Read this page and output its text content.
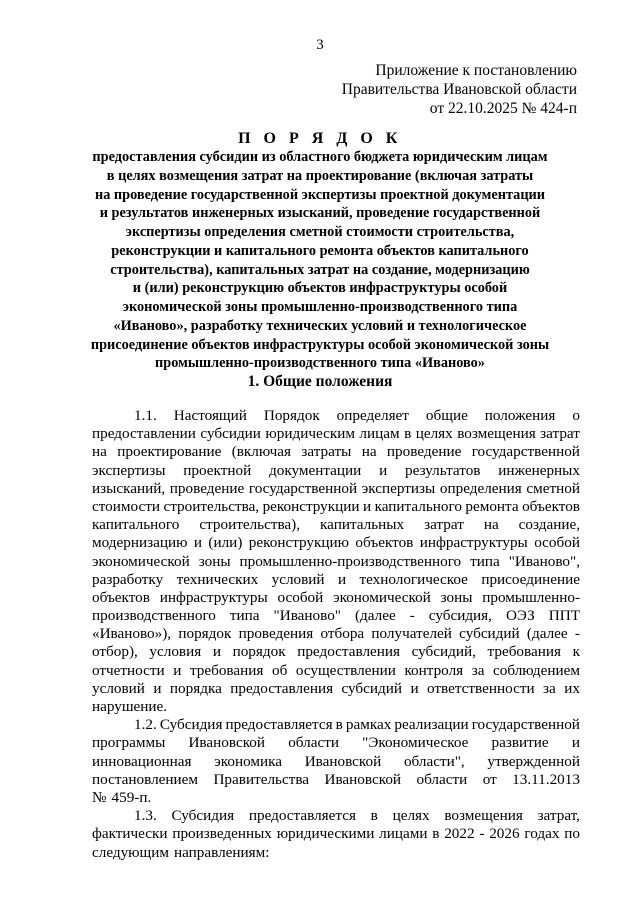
3
Приложение к постановлению
Правительства Ивановской области
от 22.10.2025 № 424-п
П О Р Я Д О К
предоставления субсидии из областного бюджета юридическим лицам
в целях возмещения затрат на проектирование (включая затраты
на проведение государственной экспертизы проектной документации
и результатов инженерных изысканий, проведение государственной
экспертизы определения сметной стоимости строительства,
реконструкции и капитального ремонта объектов капитального
строительства), капитальных затрат на создание, модернизацию
и (или) реконструкцию объектов инфраструктуры особой
экономической зоны промышленно-производственного типа
«Иваново», разработку технических условий и технологическое
присоединение объектов инфраструктуры особой экономической зоны
промышленно-производственного типа «Иваново»
1. Общие положения
1.1. Настоящий Порядок определяет общие положения о
предоставлении субсидии юридическим лицам в целях возмещения затрат
на проектирование (включая затраты на проведение государственной
экспертизы проектной документации и результатов инженерных
изысканий, проведение государственной экспертизы определения сметной
стоимости строительства, реконструкции и капитального ремонта объектов
капитального строительства), капитальных затрат на создание,
модернизацию и (или) реконструкцию объектов инфраструктуры особой
экономической зоны промышленно-производственного типа "Иваново",
разработку технических условий и технологическое присоединение
объектов инфраструктуры особой экономической зоны промышленно-
производственного типа "Иваново" (далее - субсидия, ОЭЗ ППТ
«Иваново»), порядок проведения отбора получателей субсидий (далее -
отбор), условия и порядок предоставления субсидий, требования к
отчетности и требования об осуществлении контроля за соблюдением
условий и порядка предоставления субсидий и ответственности за их
нарушение.
1.2. Субсидия предоставляется в рамках реализации государственной
программы Ивановской области "Экономическое развитие и
инновационная экономика Ивановской области", утвержденной
постановлением Правительства Ивановской области от 13.11.2013
№ 459-п.
1.3. Субсидия предоставляется в целях возмещения затрат,
фактически произведенных юридическими лицами в 2022 - 2026 годах по
следующим направлениям:
